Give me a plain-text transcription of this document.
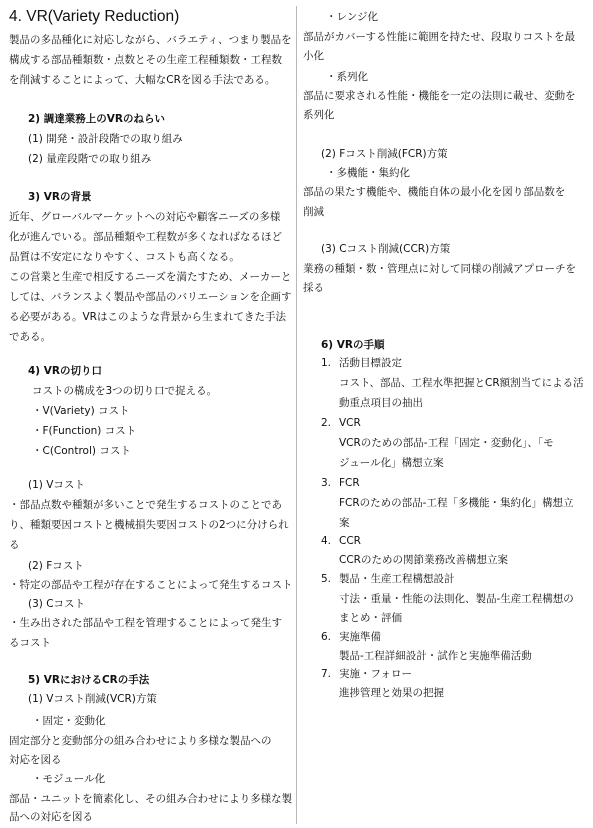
4. VR(Variety Reduction)
製品の多品種化に対応しながら、バラエティ、つまり製品を
構成する部品種類数・点数とその生産工程種類数・工程数
を削減することによって、大幅なCRを図る手法である。
2) 調達業務上のVRのねらい
(1) 開発・設計段階での取り組み
(2) 量産段階での取り組み
3) VRの背景
近年、グローバルマーケットへの対応や顧客ニーズの多様
化が進んでいる。部品種類や工程数が多くなればなるほど
品質は不安定になりやすく、コストも高くなる。
この営業と生産で相反するニーズを満たすため、メーカーと
しては、バランスよく製品や部品のバリエーションを企画す
る必要がある。VRはこのような背景から生まれてきた手法
である。
4) VRの切り口
コストの構成を3つの切り口で捉える。
・V(Variety) コスト
・F(Function) コスト
・C(Control) コスト
(1) Vコスト
・部品点数や種類が多いことで発生するコストのことであ
り、種類要因コストと機械損失要因コストの2つに分けられ
る
(2) Fコスト
・特定の部品や工程が存在することによって発生するコスト
(3) Cコスト
・生み出された部品や工程を管理することによって発生す
るコスト
5) VRにおけるCRの手法
(1) Vコスト削減(VCR)方策
・固定・変動化
固定部分と変動部分の組み合わせにより多様な製品への
対応を図る
・モジュール化
部品・ユニットを簡素化し、その組み合わせにより多様な製
品への対応を図る
・レンジ化
部品がカバーする性能に範囲を持たせ、段取りコストを最
小化
・系列化
部品に要求される性能・機能を一定の法則に載せ、変動を
系列化
(2) Fコスト削減(FCR)方策
・多機能・集約化
部品の果たす機能や、機能自体の最小化を図り部品数を
削減
(3) Cコスト削減(CCR)方策
業務の種類・数・管理点に対して同様の削減アプローチを
採る
6) VRの手順
1. 活動目標設定
コスト、部品、工程水準把握とCR額割当てによる活
動重点項目の抽出
2. VCR
VCRのための部品-工程「固定・変動化」、「モ
ジュール化」構想立案
3. FCR
FCRのための部品-工程「多機能・集約化」構想立
案
4. CCR
CCRのための関節業務改善構想立案
5. 製品・生産工程構想設計
寸法・重量・性能の法則化、製品-生産工程構想の
まとめ・評価
6. 実施準備
製品-工程詳細設計・試作と実施準備活動
7. 実施・フォロー
進捗管理と効果の把握
